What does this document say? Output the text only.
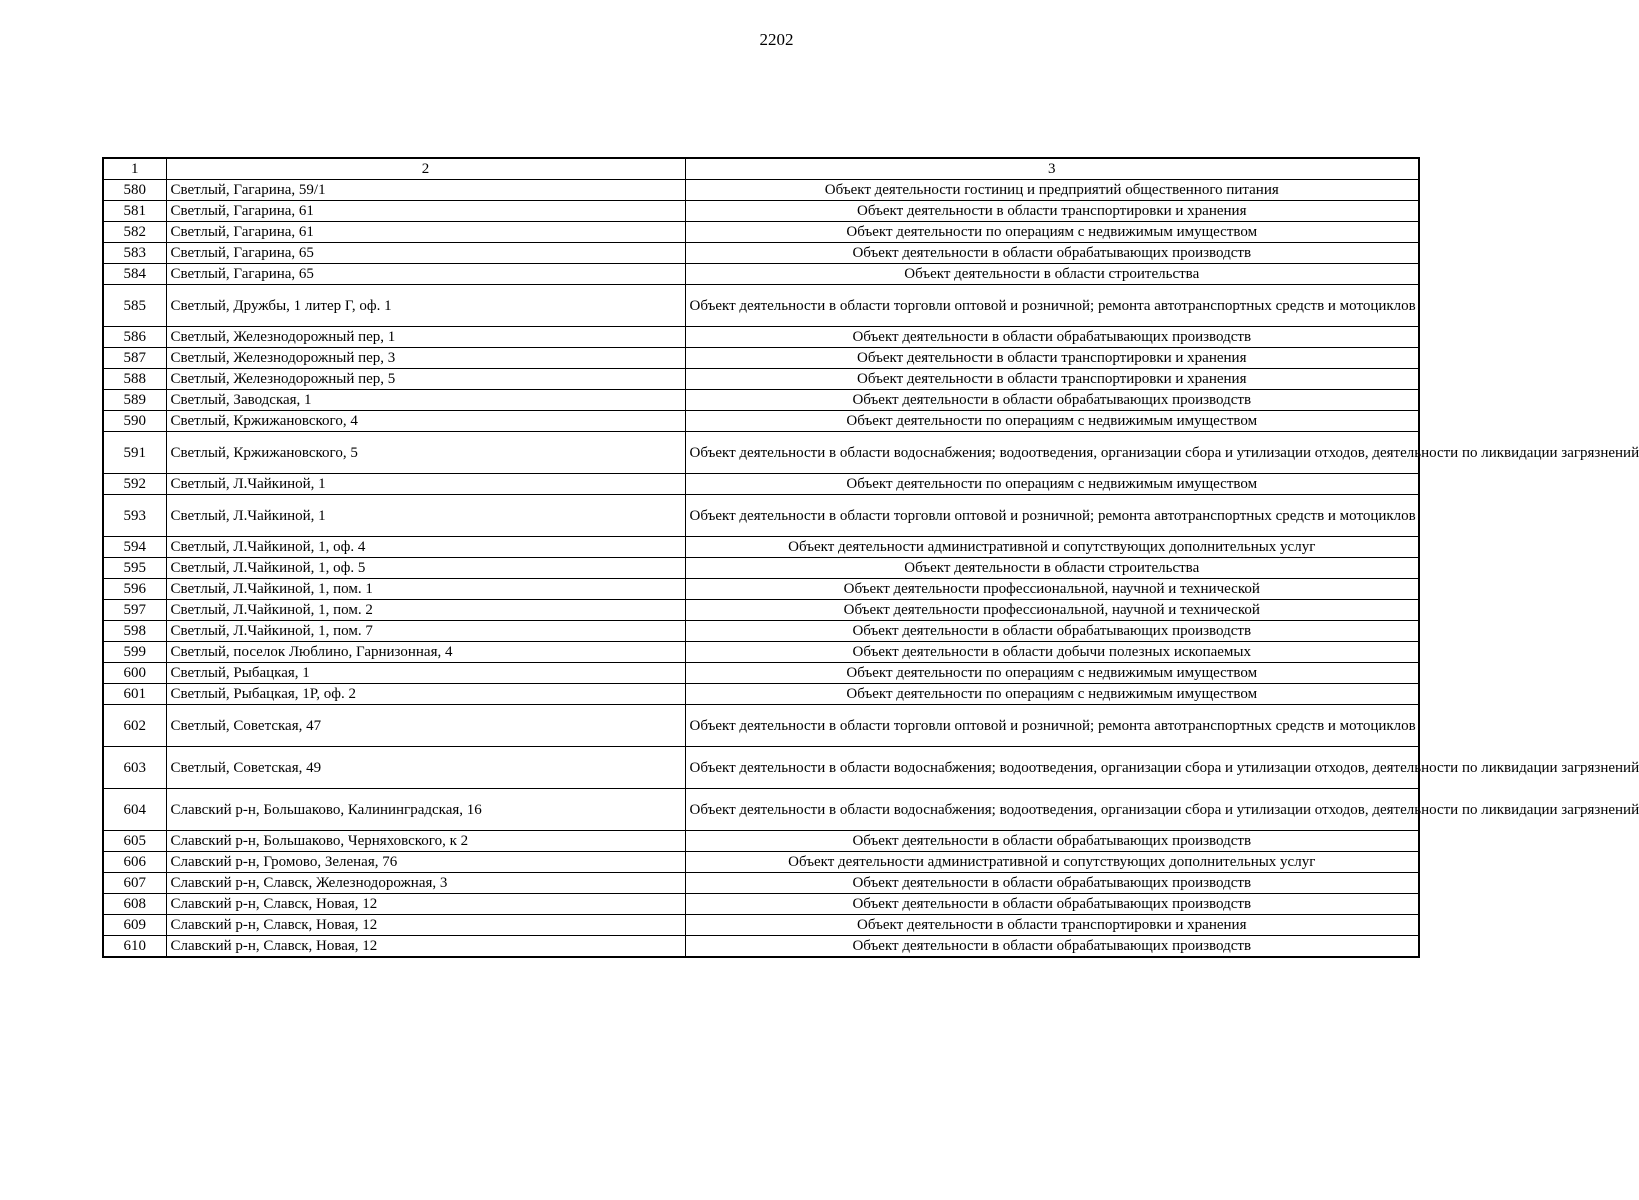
2202
1	2	3
580	Светлый, Гагарина, 59/1	Объект деятельности гостиниц и предприятий общественного питания
581	Светлый, Гагарина, 61	Объект деятельности в области транспортировки и хранения
582	Светлый, Гагарина, 61	Объект деятельности по операциям с недвижимым имуществом
583	Светлый, Гагарина, 65	Объект деятельности в области обрабатывающих производств
584	Светлый, Гагарина, 65	Объект деятельности в области строительства
585	Светлый, Дружбы, 1 литер Г, оф. 1	Объект деятельности в области торговли оптовой и розничной; ремонта автотранспортных средств и мотоциклов
586	Светлый, Железнодорожный пер, 1	Объект деятельности в области обрабатывающих производств
587	Светлый, Железнодорожный пер, 3	Объект деятельности в области транспортировки и хранения
588	Светлый, Железнодорожный пер, 5	Объект деятельности в области транспортировки и хранения
589	Светлый, Заводская, 1	Объект деятельности в области обрабатывающих производств
590	Светлый, Кржижановского, 4	Объект деятельности по операциям с недвижимым имуществом
591	Светлый, Кржижановского, 5	Объект деятельности в области водоснабжения; водоотведения, организации сбора и утилизации отходов, деятельности по ликвидации загрязнений
592	Светлый, Л.Чайкиной, 1	Объект деятельности по операциям с недвижимым имуществом
593	Светлый, Л.Чайкиной, 1	Объект деятельности в области торговли оптовой и розничной; ремонта автотранспортных средств и мотоциклов
594	Светлый, Л.Чайкиной, 1, оф. 4	Объект деятельности административной и сопутствующих дополнительных услуг
595	Светлый, Л.Чайкиной, 1, оф. 5	Объект деятельности в области строительства
596	Светлый, Л.Чайкиной, 1, пом. 1	Объект деятельности профессиональной, научной и технической
597	Светлый, Л.Чайкиной, 1, пом. 2	Объект деятельности профессиональной, научной и технической
598	Светлый, Л.Чайкиной, 1, пом. 7	Объект деятельности в области обрабатывающих производств
599	Светлый, поселок Люблино, Гарнизонная, 4	Объект деятельности в области добычи полезных ископаемых
600	Светлый, Рыбацкая, 1	Объект деятельности по операциям с недвижимым имуществом
601	Светлый, Рыбацкая, 1Р, оф. 2	Объект деятельности по операциям с недвижимым имуществом
602	Светлый, Советская, 47	Объект деятельности в области торговли оптовой и розничной; ремонта автотранспортных средств и мотоциклов
603	Светлый, Советская, 49	Объект деятельности в области водоснабжения; водоотведения, организации сбора и утилизации отходов, деятельности по ликвидации загрязнений
604	Славский р-н, Большаково, Калининградская, 16	Объект деятельности в области водоснабжения; водоотведения, организации сбора и утилизации отходов, деятельности по ликвидации загрязнений
605	Славский р-н, Большаково, Черняховского, к 2	Объект деятельности в области обрабатывающих производств
606	Славский р-н, Громово, Зеленая, 76	Объект деятельности административной и сопутствующих дополнительных услуг
607	Славский р-н, Славск, Железнодорожная, 3	Объект деятельности в области обрабатывающих производств
608	Славский р-н, Славск, Новая, 12	Объект деятельности в области обрабатывающих производств
609	Славский р-н, Славск, Новая, 12	Объект деятельности в области транспортировки и хранения
610	Славский р-н, Славск, Новая, 12	Объект деятельности в области обрабатывающих производств
